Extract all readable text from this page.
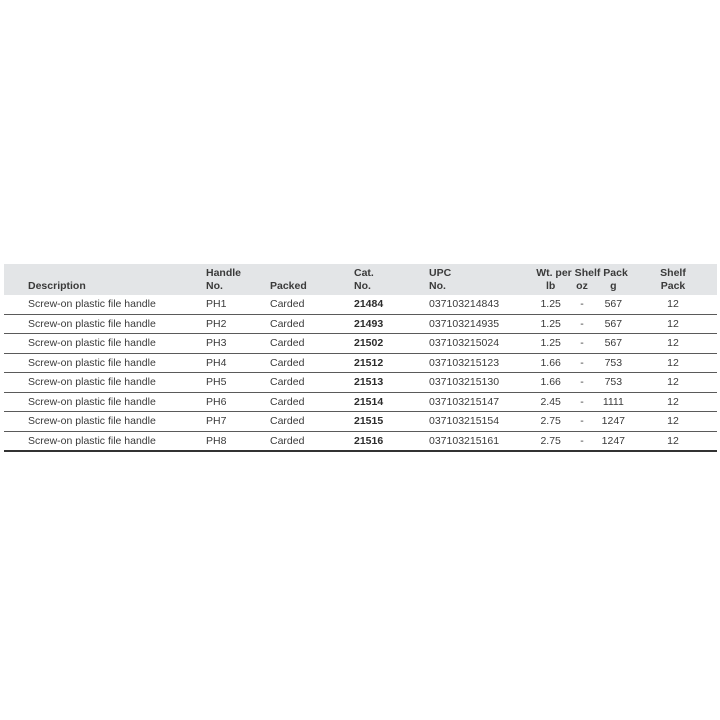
	Handle		Cat.	UPC	Wt. per Shelf Pack			Shelf
Description	No.	Packed	No.	No.	lb	oz	g	Pack
Screw-on plastic file handle	PH1	Carded	21484	037103214843	1.25	-	567	12
Screw-on plastic file handle	PH2	Carded	21493	037103214935	1.25	-	567	12
Screw-on plastic file handle	PH3	Carded	21502	037103215024	1.25	-	567	12
Screw-on plastic file handle	PH4	Carded	21512	037103215123	1.66	-	753	12
Screw-on plastic file handle	PH5	Carded	21513	037103215130	1.66	-	753	12
Screw-on plastic file handle	PH6	Carded	21514	037103215147	2.45	-	1111	12
Screw-on plastic file handle	PH7	Carded	21515	037103215154	2.75	-	1247	12
Screw-on plastic file handle	PH8	Carded	21516	037103215161	2.75	-	1247	12
